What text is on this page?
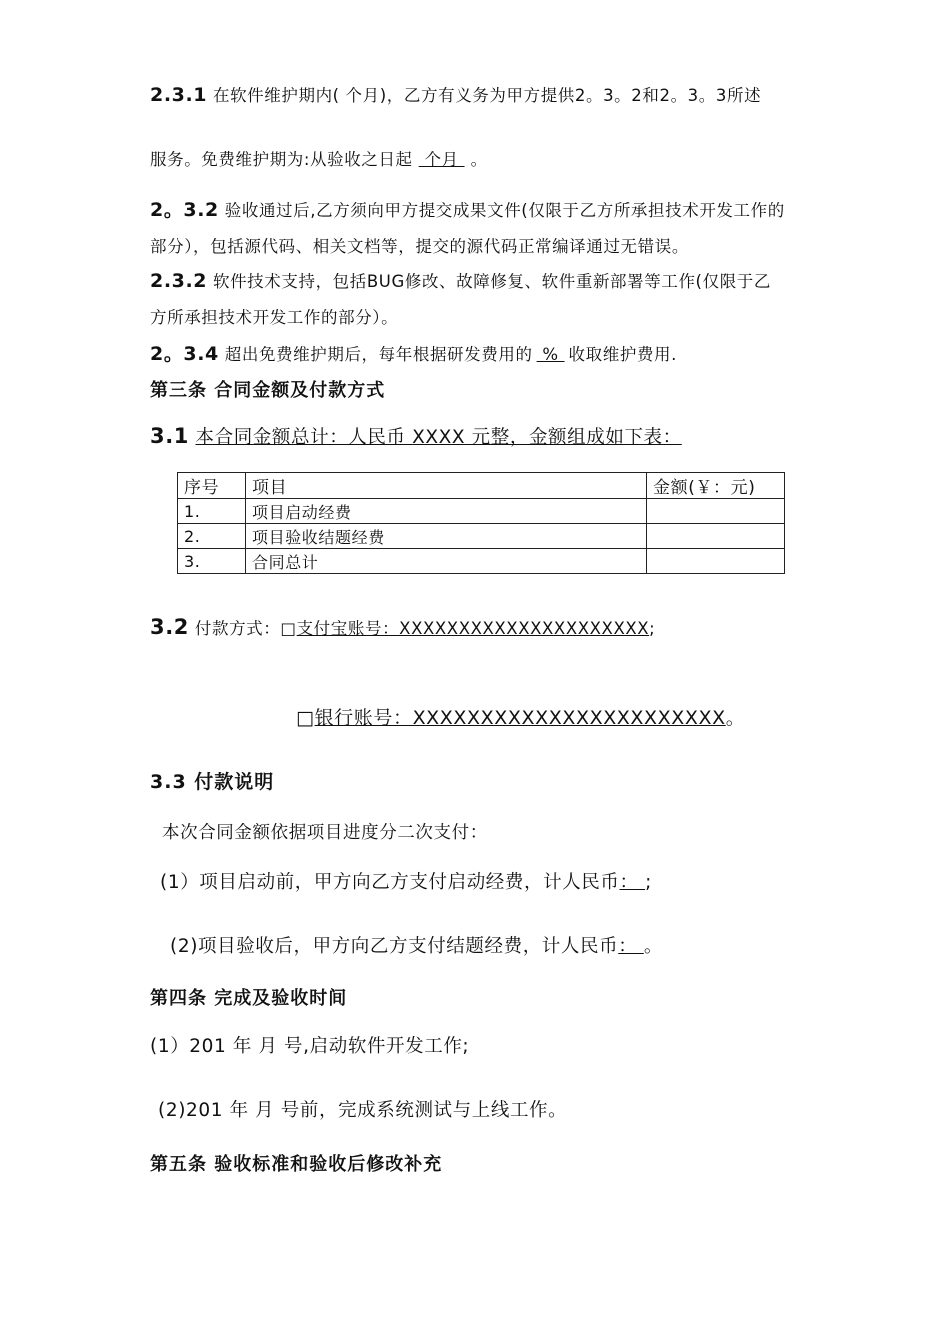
2.3.1 在软件维护期内( 个月)，乙方有义务为甲方提供2。3。2和2。3。3所述
服务。免费维护期为:从验收之日起 个月 。
2。3.2 验收通过后,乙方须向甲方提交成果文件(仅限于乙方所承担技术开发工作的
部分），包括源代码、相关文档等，提交的源代码正常编译通过无错误。
2.3.2 软件技术支持，包括BUG修改、故障修复、软件重新部署等工作(仅限于乙
方所承担技术开发工作的部分）。
2。3.4 超出免费维护期后，每年根据研发费用的 % 收取维护费用.
第三条 合同金额及付款方式
3.1 本合同金额总计：人民币 XXXX 元整，金额组成如下表：
序号	项目	金额(￥：元)
1.	项目启动经费	
2.	项目验收结题经费	
3.	合同总计	
3.2 付款方式：□支付宝账号：XXXXXXXXXXXXXXXXXXXXX;
□银行账号：XXXXXXXXXXXXXXXXXXXXXXX。
3.3 付款说明
本次合同金额依据项目进度分二次支付：
(1）项目启动前，甲方向乙方支付启动经费，计人民币： ;
(2)项目验收后，甲方向乙方支付结题经费，计人民币： 。
第四条 完成及验收时间
(1）201 年 月 号,启动软件开发工作;
(2)201 年 月 号前，完成系统测试与上线工作。
第五条 验收标准和验收后修改补充
